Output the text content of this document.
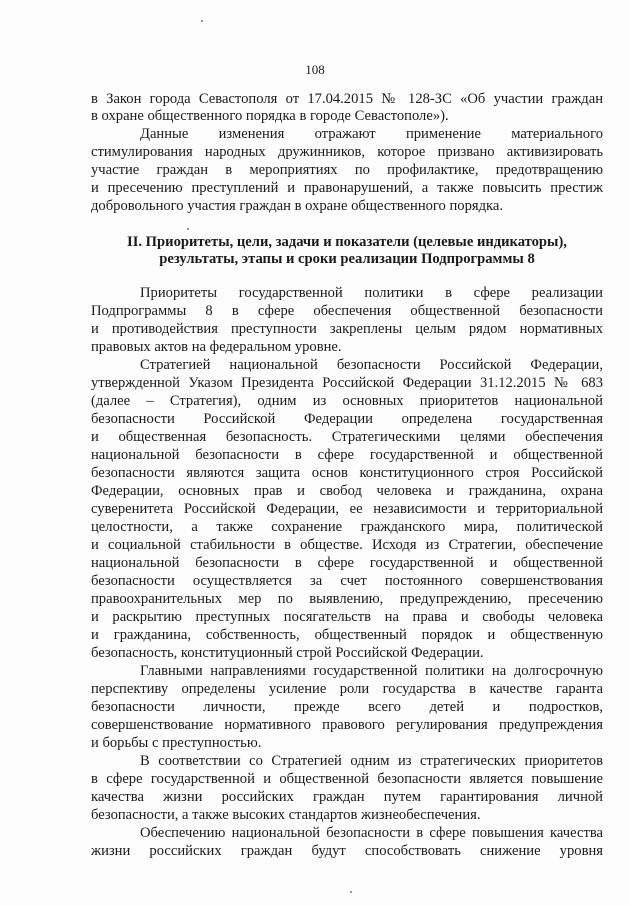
108
в Закон города Севастополя от 17.04.2015 № 128-ЗС «Об участии граждан
в охране общественного порядка в городе Севастополе»).
Данные изменения отражают применение материального
стимулирования народных дружинников, которое призвано активизировать
участие граждан в мероприятиях по профилактике, предотвращению
и пресечению преступлений и правонарушений, а также повысить престиж
добровольного участия граждан в охране общественного порядка.
II. Приоритеты, цели, задачи и показатели (целевые индикаторы),
результаты, этапы и сроки реализации Подпрограммы 8
Приоритеты государственной политики в сфере реализации
Подпрограммы 8 в сфере обеспечения общественной безопасности
и противодействия преступности закреплены целым рядом нормативных
правовых актов на федеральном уровне.
Стратегией национальной безопасности Российской Федерации,
утвержденной Указом Президента Российской Федерации 31.12.2015 № 683
(далее – Стратегия), одним из основных приоритетов национальной
безопасности Российской Федерации определена государственная
и общественная безопасность. Стратегическими целями обеспечения
национальной безопасности в сфере государственной и общественной
безопасности являются защита основ конституционного строя Российской
Федерации, основных прав и свобод человека и гражданина, охрана
суверенитета Российской Федерации, ее независимости и территориальной
целостности, а также сохранение гражданского мира, политической
и социальной стабильности в обществе. Исходя из Стратегии, обеспечение
национальной безопасности в сфере государственной и общественной
безопасности осуществляется за счет постоянного совершенствования
правоохранительных мер по выявлению, предупреждению, пресечению
и раскрытию преступных посягательств на права и свободы человека
и гражданина, собственность, общественный порядок и общественную
безопасность, конституционный строй Российской Федерации.
Главными направлениями государственной политики на долгосрочную
перспективу определены усиление роли государства в качестве гаранта
безопасности личности, прежде всего детей и подростков,
совершенствование нормативного правового регулирования предупреждения
и борьбы с преступностью.
В соответствии со Стратегией одним из стратегических приоритетов
в сфере государственной и общественной безопасности является повышение
качества жизни российских граждан путем гарантирования личной
безопасности, а также высоких стандартов жизнеобеспечения.
Обеспечению национальной безопасности в сфере повышения качества
жизни российских граждан будут способствовать снижение уровня
